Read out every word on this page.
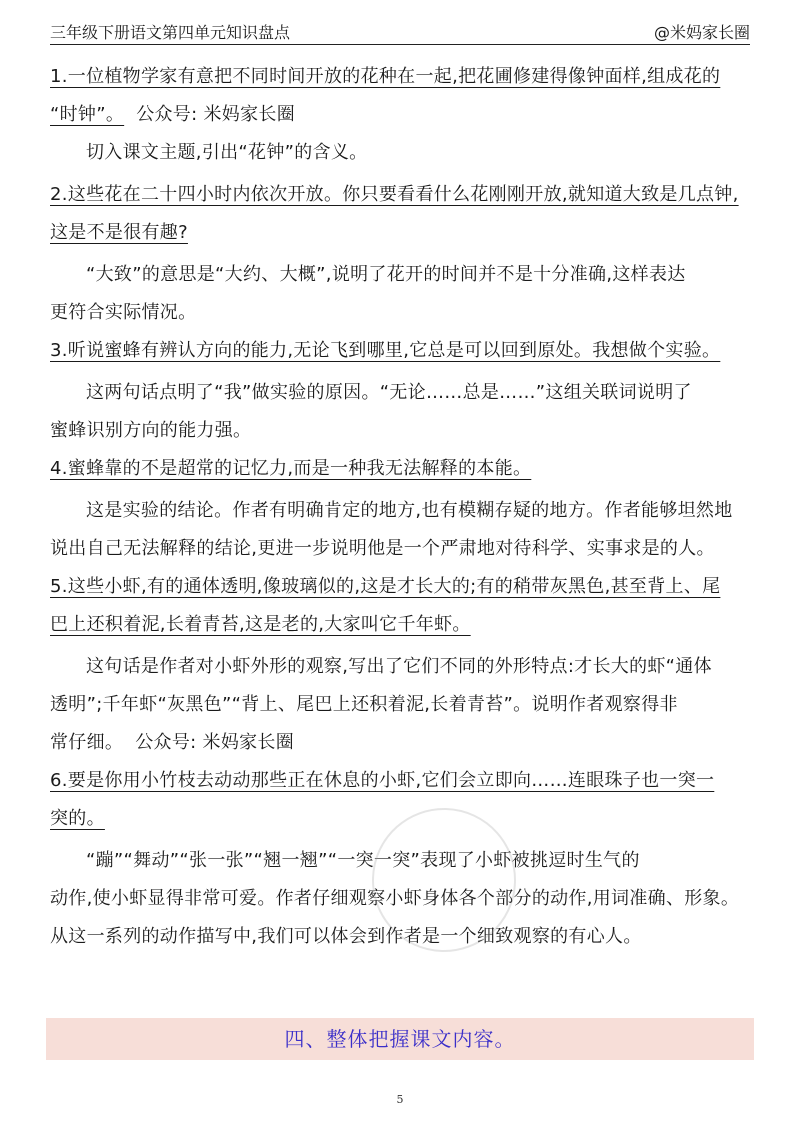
三年级下册语文第四单元知识盘点	@米妈家长圈
1.一位植物学家有意把不同时间开放的花种在一起,把花圃修建得像钟面样,组成花的
“时钟”。 公众号: 米妈家长圈
切入课文主题,引出“花钟”的含义。
2.这些花在二十四小时内依次开放。你只要看看什么花刚刚开放,就知道大致是几点钟,
这是不是很有趣?
“大致”的意思是“大约、大概”,说明了花开的时间并不是十分准确,这样表达
更符合实际情况。
3.听说蜜蜂有辨认方向的能力,无论飞到哪里,它总是可以回到原处。我想做个实验。
这两句话点明了“我”做实验的原因。“无论……总是……”这组关联词说明了
蜜蜂识别方向的能力强。
4.蜜蜂靠的不是超常的记忆力,而是一种我无法解释的本能。
这是实验的结论。作者有明确肯定的地方,也有模糊存疑的地方。作者能够坦然地
说出自己无法解释的结论,更进一步说明他是一个严肃地对待科学、实事求是的人。
5.这些小虾,有的通体透明,像玻璃似的,这是才长大的;有的稍带灰黑色,甚至背上、尾
巴上还积着泥,长着青苔,这是老的,大家叫它千年虾。
这句话是作者对小虾外形的观察,写出了它们不同的外形特点:才长大的虾“通体
透明”;千年虾“灰黑色”“背上、尾巴上还积着泥,长着青苔”。说明作者观察得非
常仔细。 公众号: 米妈家长圈
6.要是你用小竹枝去动动那些正在休息的小虾,它们会立即向……连眼珠子也一突一
突的。
“蹦”“舞动”“张一张”“翘一翘”“一突一突”表现了小虾被挑逗时生气的
动作,使小虾显得非常可爱。作者仔细观察小虾身体各个部分的动作,用词准确、形象。
从这一系列的动作描写中,我们可以体会到作者是一个细致观察的有心人。
四、整体把握课文内容。
5
